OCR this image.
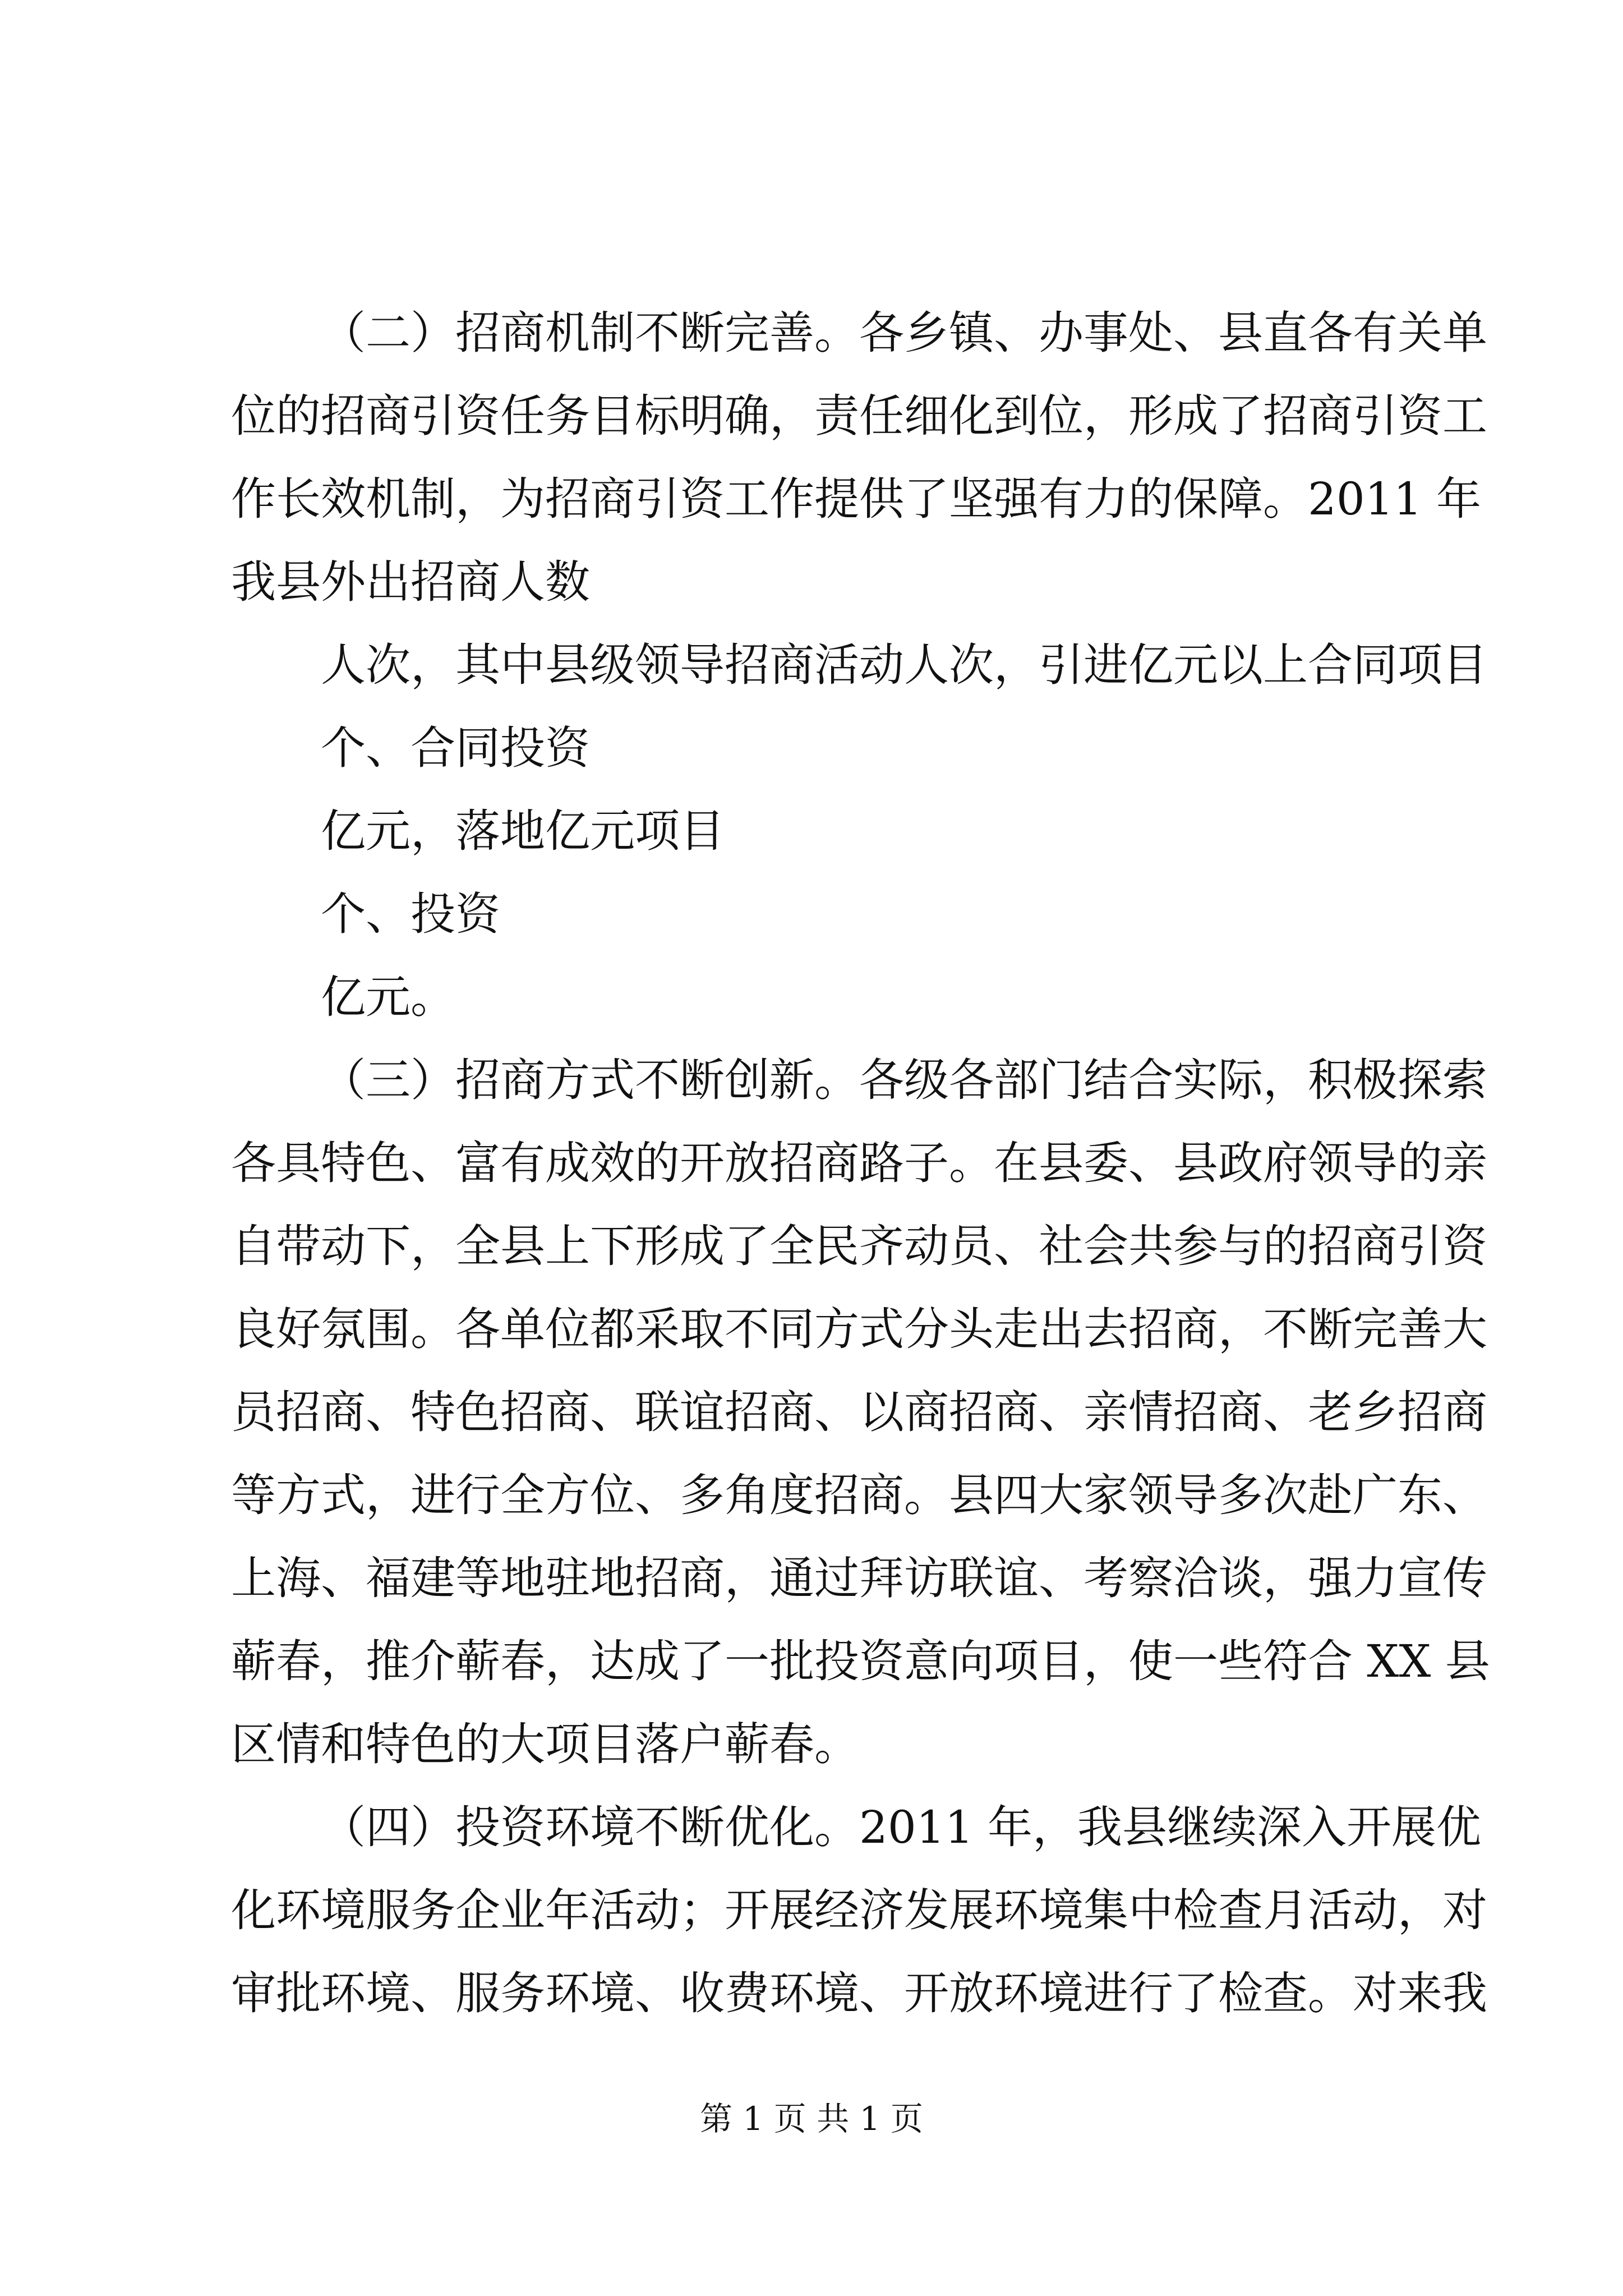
（二）招商机制不断完善。各乡镇、办事处、县直各有关单
位的招商引资任务目标明确，责任细化到位，形成了招商引资工
作长效机制，为招商引资工作提供了坚强有力的保障。2011 年
我县外出招商人数
人次，其中县级领导招商活动人次，引进亿元以上合同项目
个、合同投资
亿元，落地亿元项目
个、投资
亿元。
（三）招商方式不断创新。各级各部门结合实际，积极探索
各具特色、富有成效的开放招商路子。在县委、县政府领导的亲
自带动下，全县上下形成了全民齐动员、社会共参与的招商引资
良好氛围。各单位都采取不同方式分头走出去招商，不断完善大
员招商、特色招商、联谊招商、以商招商、亲情招商、老乡招商
等方式，进行全方位、多角度招商。县四大家领导多次赴广东、
上海、福建等地驻地招商，通过拜访联谊、考察洽谈，强力宣传
蕲春，推介蕲春，达成了一批投资意向项目，使一些符合 XX 县
区情和特色的大项目落户蕲春。
（四）投资环境不断优化。2011 年，我县继续深入开展优
化环境服务企业年活动；开展经济发展环境集中检查月活动，对
审批环境、服务环境、收费环境、开放环境进行了检查。对来我
第 1 页 共 1 页
